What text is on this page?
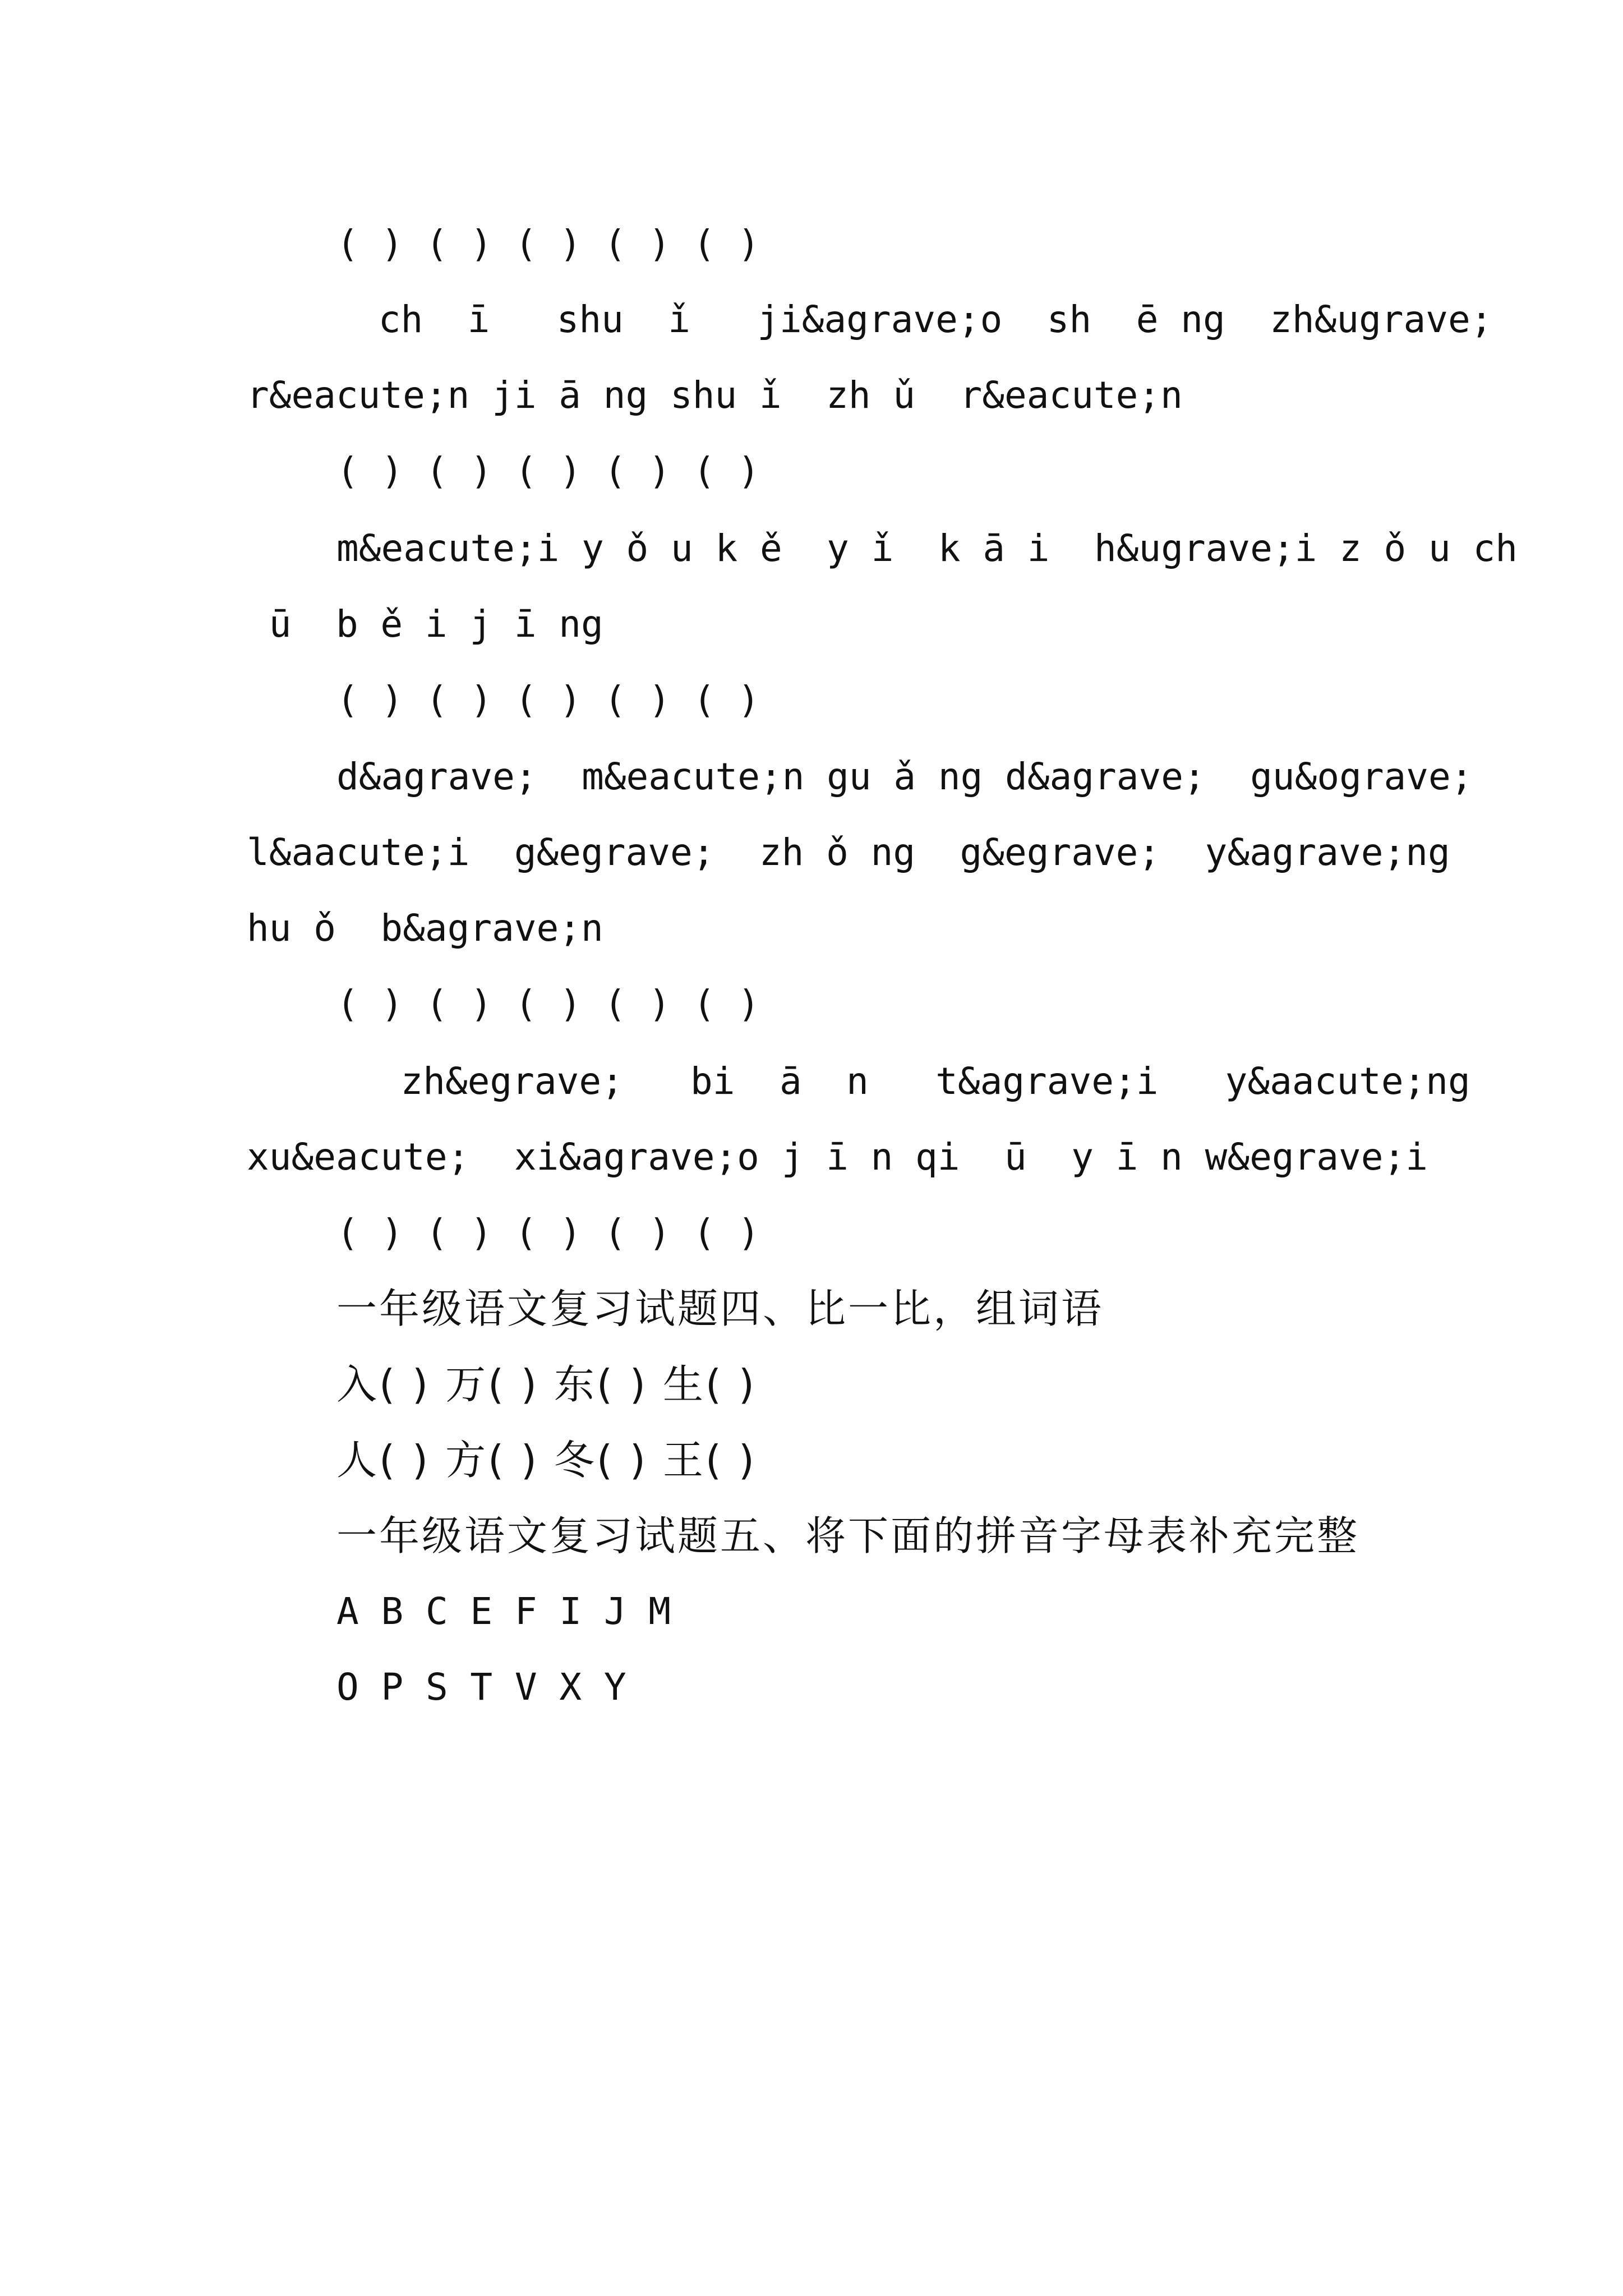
( ) ( ) ( ) ( ) ( )

ch  ī   shu  ǐ   ji&agrave;o  sh  ē ng  zh&ugrave;

r&eacute;n ji ā ng shu ǐ  zh ǔ  r&eacute;n

( ) ( ) ( ) ( ) ( )

m&eacute;i y ǒ u k ě  y ǐ  k ā i  h&ugrave;i z ǒ u ch

ū  b ě i j ī ng

( ) ( ) ( ) ( ) ( )

d&agrave;  m&eacute;n gu ǎ ng d&agrave;  gu&ograve;

l&aacute;i  g&egrave;  zh ǒ ng  g&egrave;  y&agrave;ng

hu ǒ  b&agrave;n

( ) ( ) ( ) ( ) ( )

zh&egrave;   bi  ā  n   t&agrave;i   y&aacute;ng

xu&eacute;  xi&agrave;o j ī n qi  ū  y ī n w&egrave;i

( ) ( ) ( ) ( ) ( )

一年级语文复习试题四、比一比，组词语

入( ) 万( ) 东( ) 生( )

人( ) 方( ) 冬( ) 王( )

一年级语文复习试题五、将下面的拼音字母表补充完整

A B C E F I J M

O P S T V X Y
